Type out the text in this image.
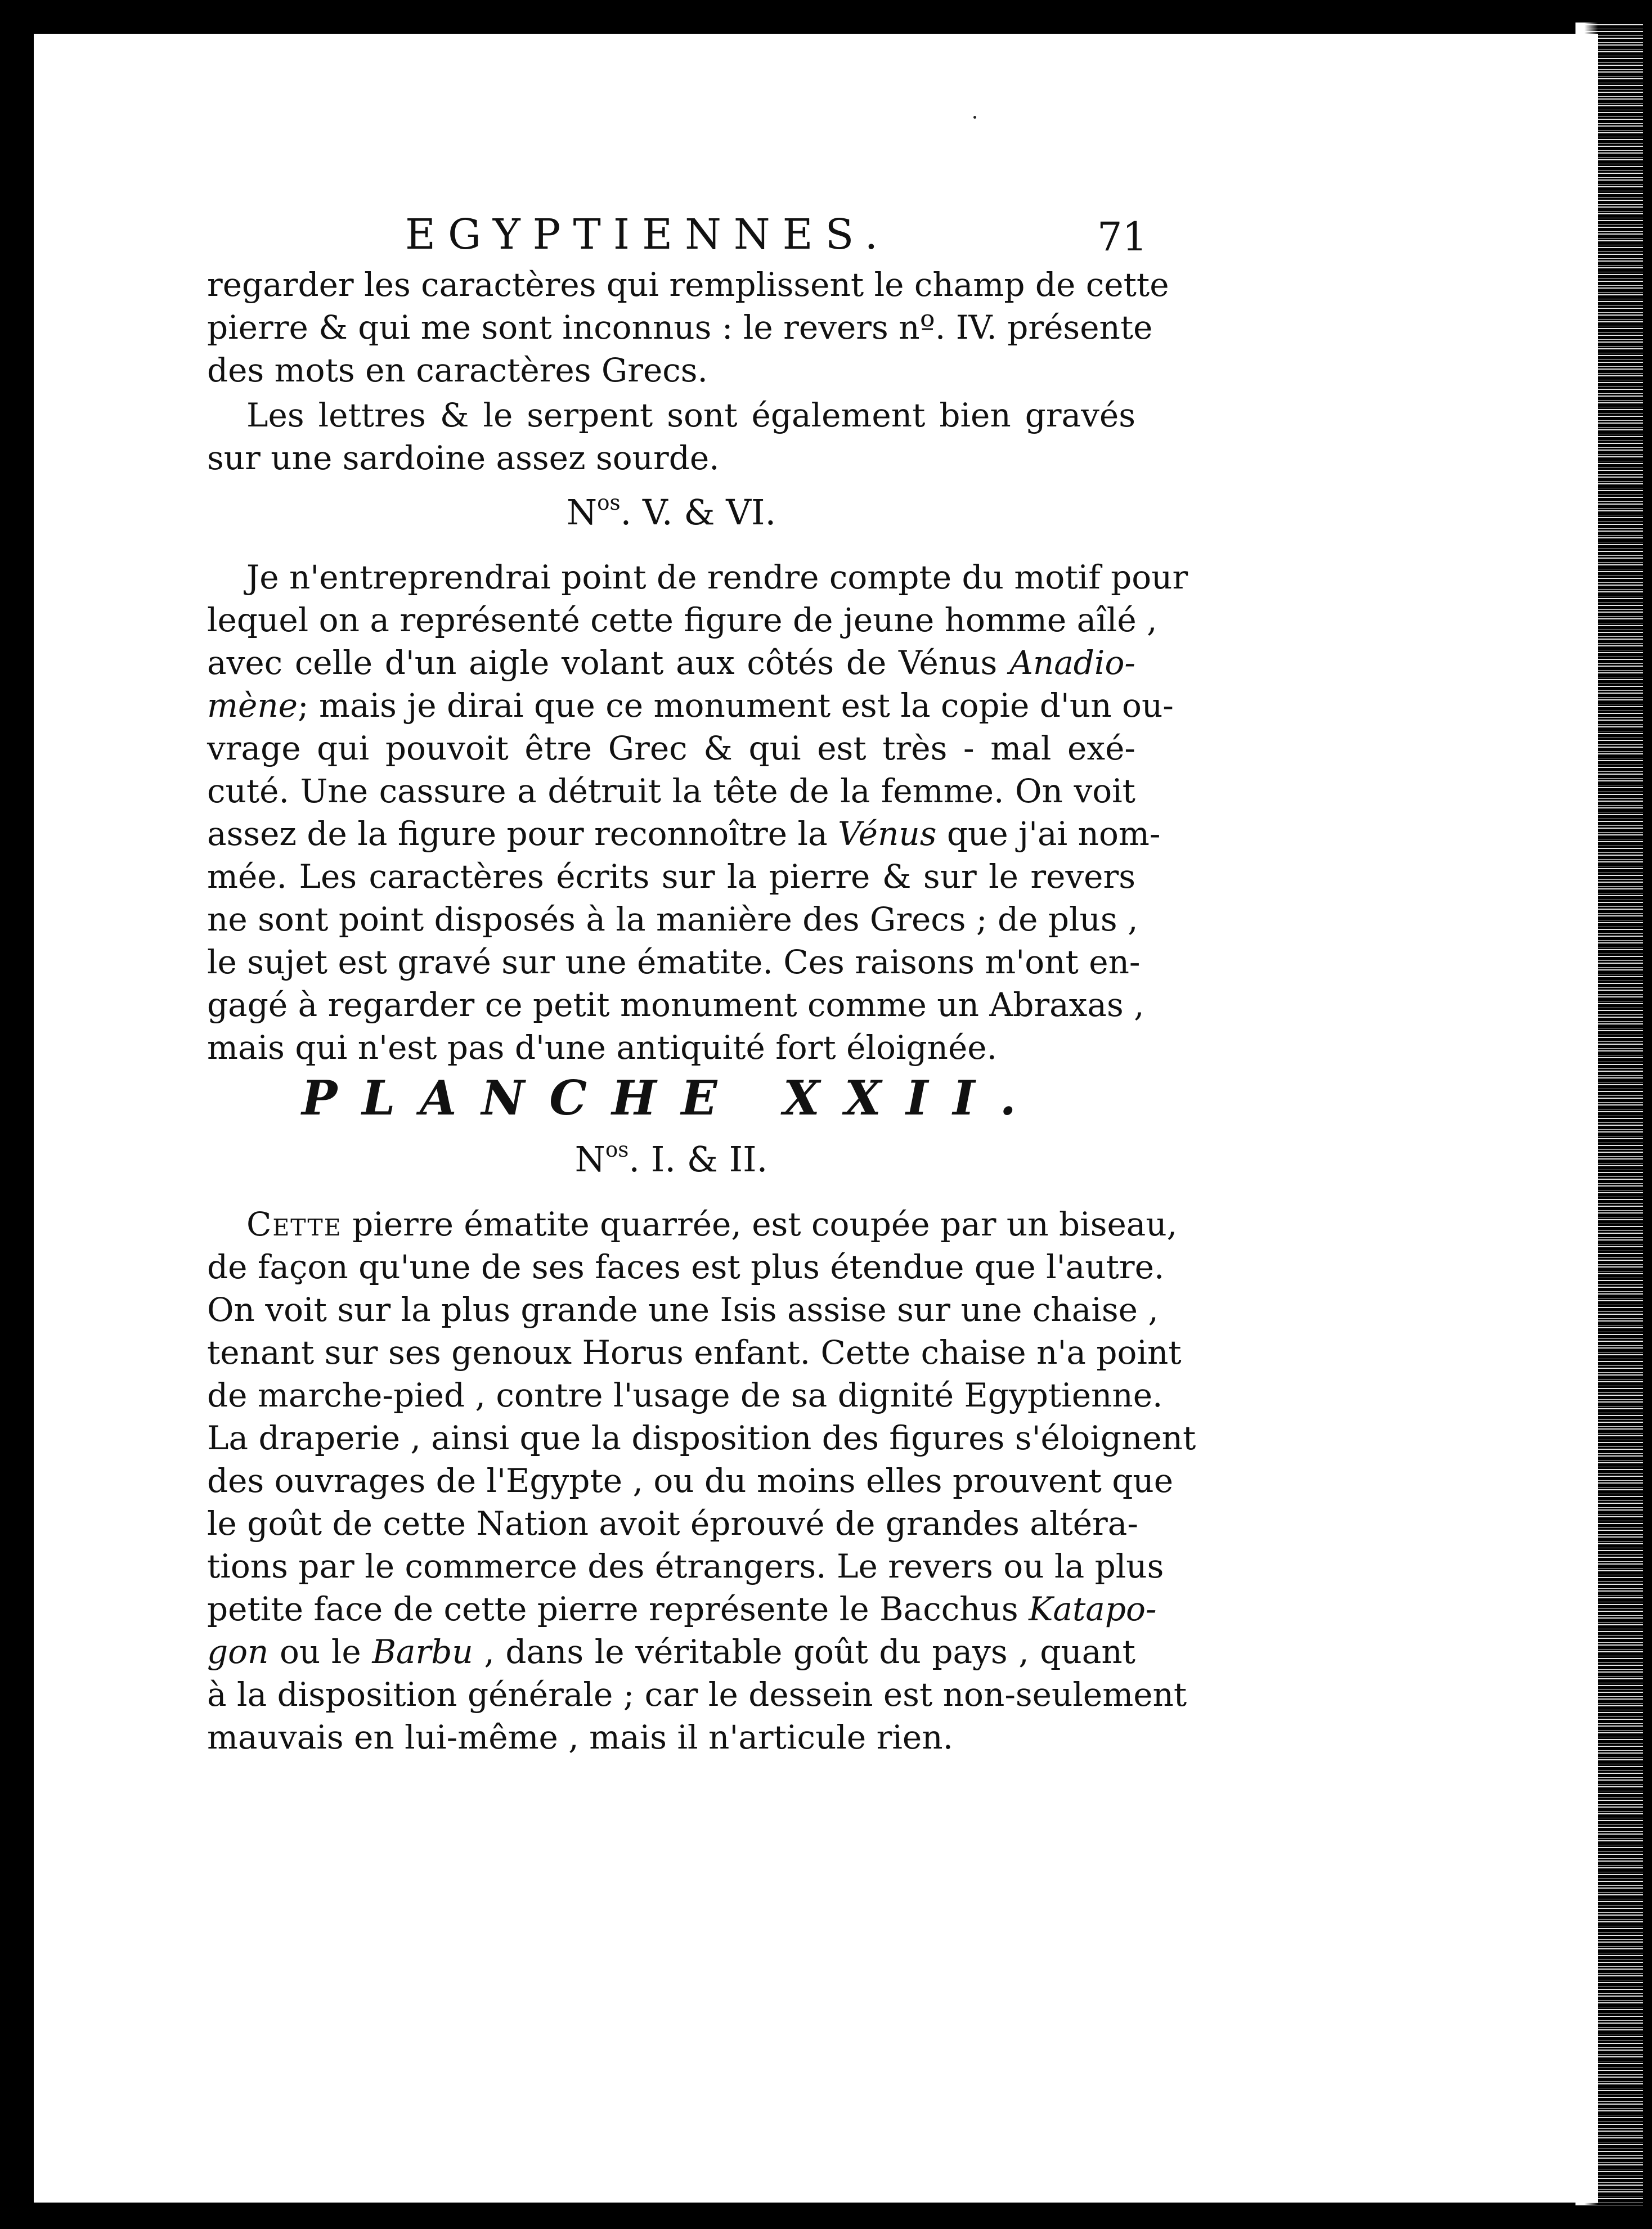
EGYPTIENNES.	71

regarder les caractères qui remplissent le champ de cette
pierre & qui me sont inconnus : le revers nº. IV. présente
des mots en caractères Grecs.

Les lettres & le serpent sont également bien gravés
sur une sardoine assez sourde.

$N^{os}$. V. & VI.

Je n'entreprendrai point de rendre compte du motif pour
lequel on a représenté cette figure de jeune homme aîlé ,
avec celle d'un aigle volant aux côtés de Vénus Anadio-
mène; mais je dirai que ce monument est la copie d'un ou-
vrage qui pouvoit être Grec & qui est très - mal exé-
cuté. Une cassure a détruit la tête de la femme. On voit
assez de la figure pour reconnoître la Vénus que j'ai nom-
mée. Les caractères écrits sur la pierre & sur le revers
ne sont point disposés à la manière des Grecs ; de plus ,
le sujet est gravé sur une ématite. Ces raisons m'ont en-
gagé à regarder ce petit monument comme un Abraxas ,
mais qui n'est pas d'une antiquité fort éloignée.

PLANCHE XXII.
$N^{os}$. I. & II.

Cette pierre ématite quarrée, est coupée par un biseau,
de façon qu'une de ses faces est plus étendue que l'autre.
On voit sur la plus grande une Isis assise sur une chaise ,
tenant sur ses genoux Horus enfant. Cette chaise n'a point
de marche-pied , contre l'usage de sa dignité Egyptienne.
La draperie , ainsi que la disposition des figures s'éloignent
des ouvrages de l'Egypte , ou du moins elles prouvent que
le goût de cette Nation avoit éprouvé de grandes altéra-
tions par le commerce des étrangers. Le revers ou la plus
petite face de cette pierre représente le Bacchus Katapo-
gon ou le Barbu , dans le véritable goût du pays , quant
à la disposition générale ; car le dessein est non-seulement
mauvais en lui-même , mais il n'articule rien.
